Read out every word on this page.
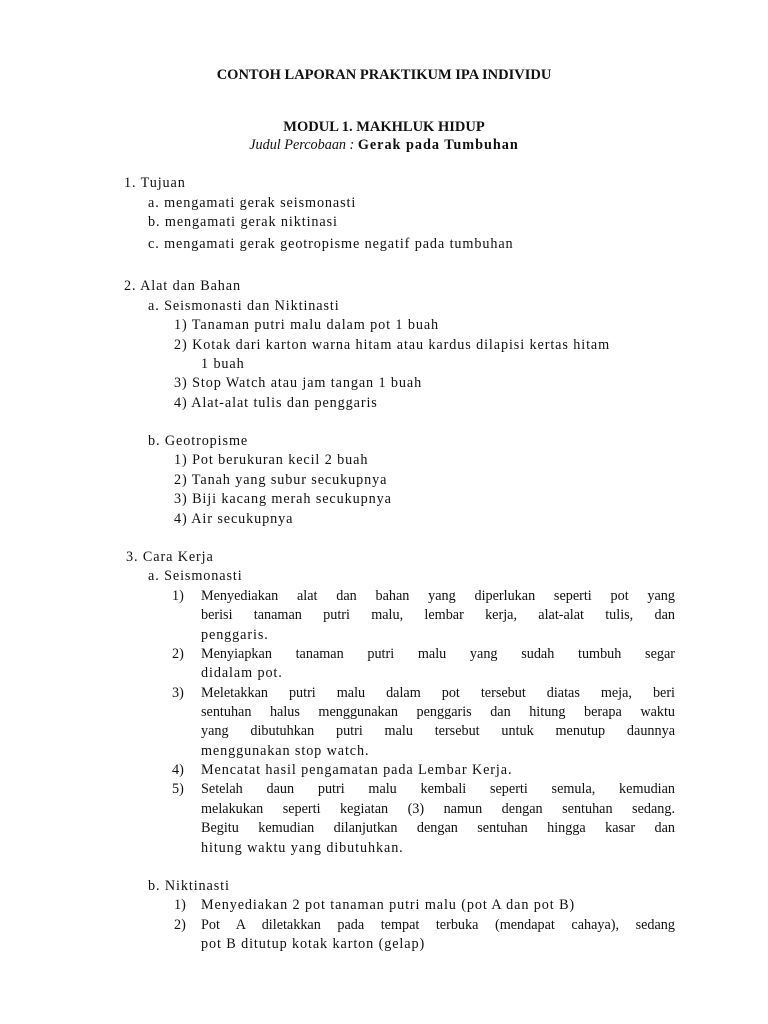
CONTOH LAPORAN PRAKTIKUM IPA INDIVIDU
MODUL 1. MAKHLUK HIDUP
Judul Percobaan : Gerak pada Tumbuhan
1. Tujuan
a. mengamati gerak seismonasti
b. mengamati gerak niktinasi
c. mengamati gerak geotropisme negatif pada tumbuhan
2. Alat dan Bahan
a. Seismonasti dan Niktinasti
1) Tanaman putri malu dalam pot 1 buah
2) Kotak dari karton warna hitam atau kardus dilapisi kertas hitam
1 buah
3) Stop Watch atau jam tangan 1 buah
4) Alat-alat tulis dan penggaris
b. Geotropisme
1) Pot berukuran kecil 2 buah
2) Tanah yang subur secukupnya
3) Biji kacang merah secukupnya
4) Air secukupnya
3. Cara Kerja
a. Seismonasti
1) Menyediakan alat dan bahan yang diperlukan seperti pot yang
berisi tanaman putri malu, lembar kerja, alat-alat tulis, dan
penggaris.
2) Menyiapkan tanaman putri malu yang sudah tumbuh segar
didalam pot.
3) Meletakkan putri malu dalam pot tersebut diatas meja, beri
sentuhan halus menggunakan penggaris dan hitung berapa waktu
yang dibutuhkan putri malu tersebut untuk menutup daunnya
menggunakan stop watch.
4) Mencatat hasil pengamatan pada Lembar Kerja.
5) Setelah daun putri malu kembali seperti semula, kemudian
melakukan seperti kegiatan (3) namun dengan sentuhan sedang.
Begitu kemudian dilanjutkan dengan sentuhan hingga kasar dan
hitung waktu yang dibutuhkan.
b. Niktinasti
1) Menyediakan 2 pot tanaman putri malu (pot A dan pot B)
2) Pot A diletakkan pada tempat terbuka (mendapat cahaya), sedang
pot B ditutup kotak karton (gelap)
